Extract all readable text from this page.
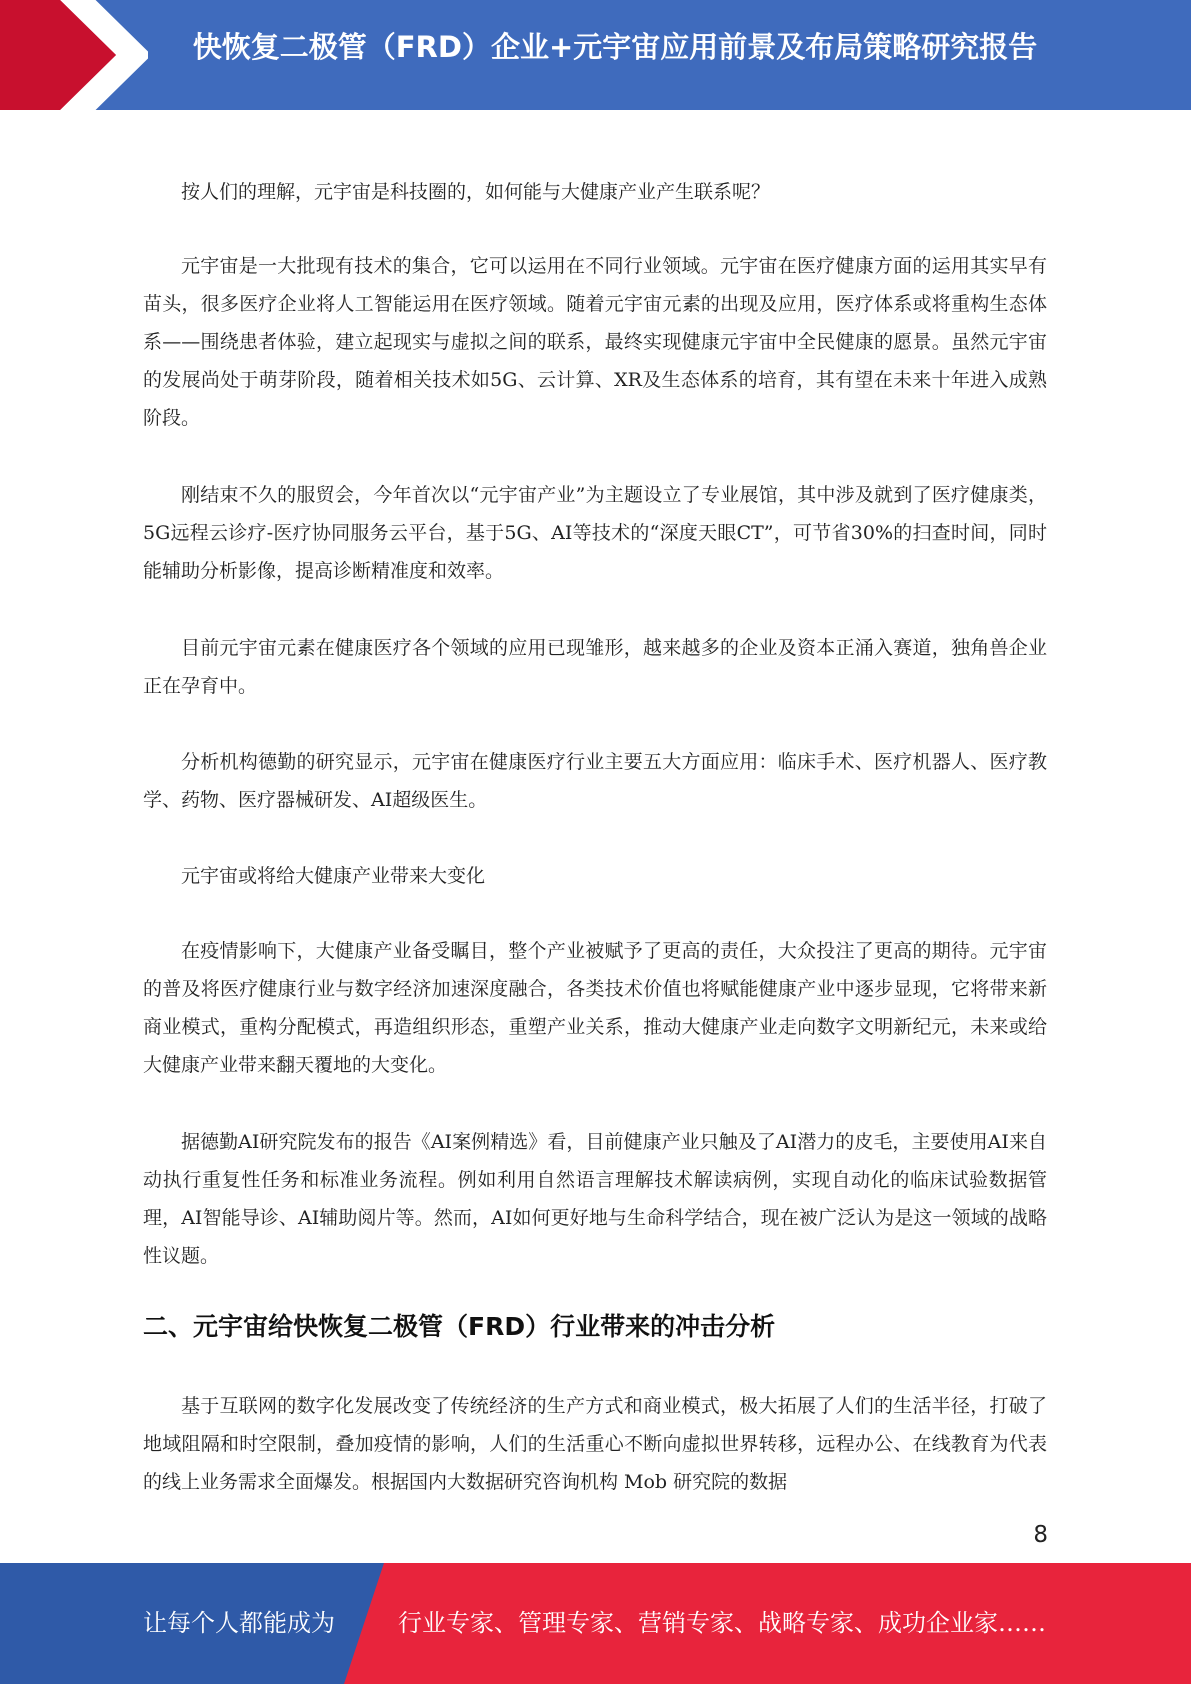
快恢复二极管（FRD）企业+元宇宙应用前景及布局策略研究报告

按人们的理解，元宇宙是科技圈的，如何能与大健康产业产生联系呢？

元宇宙是一大批现有技术的集合，它可以运用在不同行业领域。元宇宙在医疗健康方面的运用其实早有苗头，很多医疗企业将人工智能运用在医疗领域。随着元宇宙元素的出现及应用，医疗体系或将重构生态体系——围绕患者体验，建立起现实与虚拟之间的联系，最终实现健康元宇宙中全民健康的愿景。虽然元宇宙的发展尚处于萌芽阶段，随着相关技术如5G、云计算、XR及生态体系的培育，其有望在未来十年进入成熟阶段。

刚结束不久的服贸会，今年首次以“元宇宙产业”为主题设立了专业展馆，其中涉及就到了医疗健康类，5G远程云诊疗-医疗协同服务云平台，基于5G、AI等技术的“深度天眼CT”，可节省30%的扫查时间，同时能辅助分析影像，提高诊断精准度和效率。

目前元宇宙元素在健康医疗各个领域的应用已现雏形，越来越多的企业及资本正涌入赛道，独角兽企业正在孕育中。

分析机构德勤的研究显示，元宇宙在健康医疗行业主要五大方面应用：临床手术、医疗机器人、医疗教学、药物、医疗器械研发、AI超级医生。

元宇宙或将给大健康产业带来大变化

在疫情影响下，大健康产业备受瞩目，整个产业被赋予了更高的责任，大众投注了更高的期待。元宇宙的普及将医疗健康行业与数字经济加速深度融合，各类技术价值也将赋能健康产业中逐步显现，它将带来新商业模式，重构分配模式，再造组织形态，重塑产业关系，推动大健康产业走向数字文明新纪元，未来或给大健康产业带来翻天覆地的大变化。

据德勤AI研究院发布的报告《AI案例精选》看，目前健康产业只触及了AI潜力的皮毛，主要使用AI来自动执行重复性任务和标准业务流程。例如利用自然语言理解技术解读病例，实现自动化的临床试验数据管理，AI智能导诊、AI辅助阅片等。然而，AI如何更好地与生命科学结合，现在被广泛认为是这一领域的战略性议题。

二、元宇宙给快恢复二极管（FRD）行业带来的冲击分析

基于互联网的数字化发展改变了传统经济的生产方式和商业模式，极大拓展了人们的生活半径，打破了地域阻隔和时空限制，叠加疫情的影响，人们的生活重心不断向虚拟世界转移，远程办公、在线教育为代表的线上业务需求全面爆发。根据国内大数据研究咨询机构 Mob 研究院的数据

8
让每个人都能成为	行业专家、管理专家、营销专家、战略专家、成功企业家……
